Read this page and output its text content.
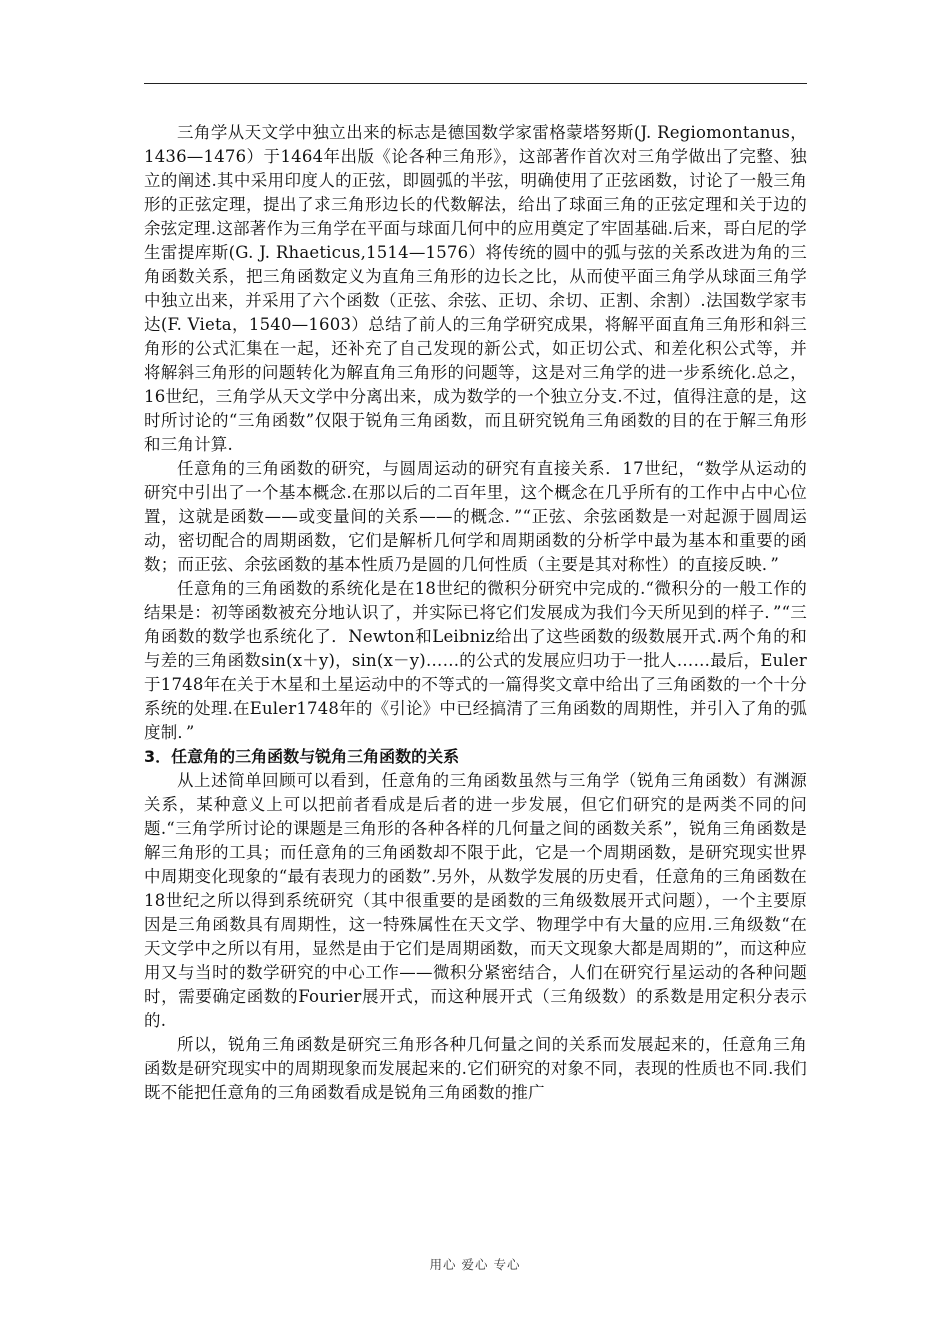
三角学从天文学中独立出来的标志是德国数学家雷格蒙塔努斯(J. Regiomontanus，1436—1476）于1464年出版《论各种三角形》，这部著作首次对三角学做出了完整、独立的阐述.其中采用印度人的正弦，即圆弧的半弦，明确使用了正弦函数，讨论了一般三角形的正弦定理，提出了求三角形边长的代数解法，给出了球面三角的正弦定理和关于边的余弦定理.这部著作为三角学在平面与球面几何中的应用奠定了牢固基础.后来，哥白尼的学生雷提库斯(G. J. Rhaeticus,1514—1576）将传统的圆中的弧与弦的关系改进为角的三角函数关系，把三角函数定义为直角三角形的边长之比，从而使平面三角学从球面三角学中独立出来，并采用了六个函数（正弦、余弦、正切、余切、正割、余割）.法国数学家韦达(F. Vieta，1540—1603）总结了前人的三角学研究成果，将解平面直角三角形和斜三角形的公式汇集在一起，还补充了自己发现的新公式，如正切公式、和差化积公式等，并将解斜三角形的问题转化为解直角三角形的问题等，这是对三角学的进一步系统化.总之，16世纪，三角学从天文学中分离出来，成为数学的一个独立分支.不过，值得注意的是，这时所讨论的“三角函数”仅限于锐角三角函数，而且研究锐角三角函数的目的在于解三角形和三角计算.

任意角的三角函数的研究，与圆周运动的研究有直接关系．17世纪，“数学从运动的研究中引出了一个基本概念.在那以后的二百年里，这个概念在几乎所有的工作中占中心位置，这就是函数——或变量间的关系——的概念．”“正弦、余弦函数是一对起源于圆周运动，密切配合的周期函数，它们是解析几何学和周期函数的分析学中最为基本和重要的函数；而正弦、余弦函数的基本性质乃是圆的几何性质（主要是其对称性）的直接反映．”

任意角的三角函数的系统化是在18世纪的微积分研究中完成的.“微积分的一般工作的结果是：初等函数被充分地认识了，并实际已将它们发展成为我们今天所见到的样子．”“三角函数的数学也系统化了．Newton和Leibniz给出了这些函数的级数展开式.两个角的和与差的三角函数sin(x＋y)，sin(x－y)……的公式的发展应归功于一批人……最后，Euler于1748年在关于木星和土星运动中的不等式的一篇得奖文章中给出了三角函数的一个十分系统的处理.在Euler1748年的《引论》中已经搞清了三角函数的周期性，并引入了角的弧度制．”

3．任意角的三角函数与锐角三角函数的关系

从上述简单回顾可以看到，任意角的三角函数虽然与三角学（锐角三角函数）有渊源关系，某种意义上可以把前者看成是后者的进一步发展，但它们研究的是两类不同的问题.“三角学所讨论的课题是三角形的各种各样的几何量之间的函数关系”，锐角三角函数是解三角形的工具；而任意角的三角函数却不限于此，它是一个周期函数，是研究现实世界中周期变化现象的“最有表现力的函数”.另外，从数学发展的历史看，任意角的三角函数在18世纪之所以得到系统研究（其中很重要的是函数的三角级数展开式问题），一个主要原因是三角函数具有周期性，这一特殊属性在天文学、物理学中有大量的应用.三角级数“在天文学中之所以有用，显然是由于它们是周期函数，而天文现象大都是周期的”，而这种应用又与当时的数学研究的中心工作——微积分紧密结合，人们在研究行星运动的各种问题时，需要确定函数的Fourier展开式，而这种展开式（三角级数）的系数是用定积分表示的.

所以，锐角三角函数是研究三角形各种几何量之间的关系而发展起来的，任意角三角函数是研究现实中的周期现象而发展起来的.它们研究的对象不同，表现的性质也不同.我们既不能把任意角的三角函数看成是锐角三角函数的推广

用心 爱心 专心
